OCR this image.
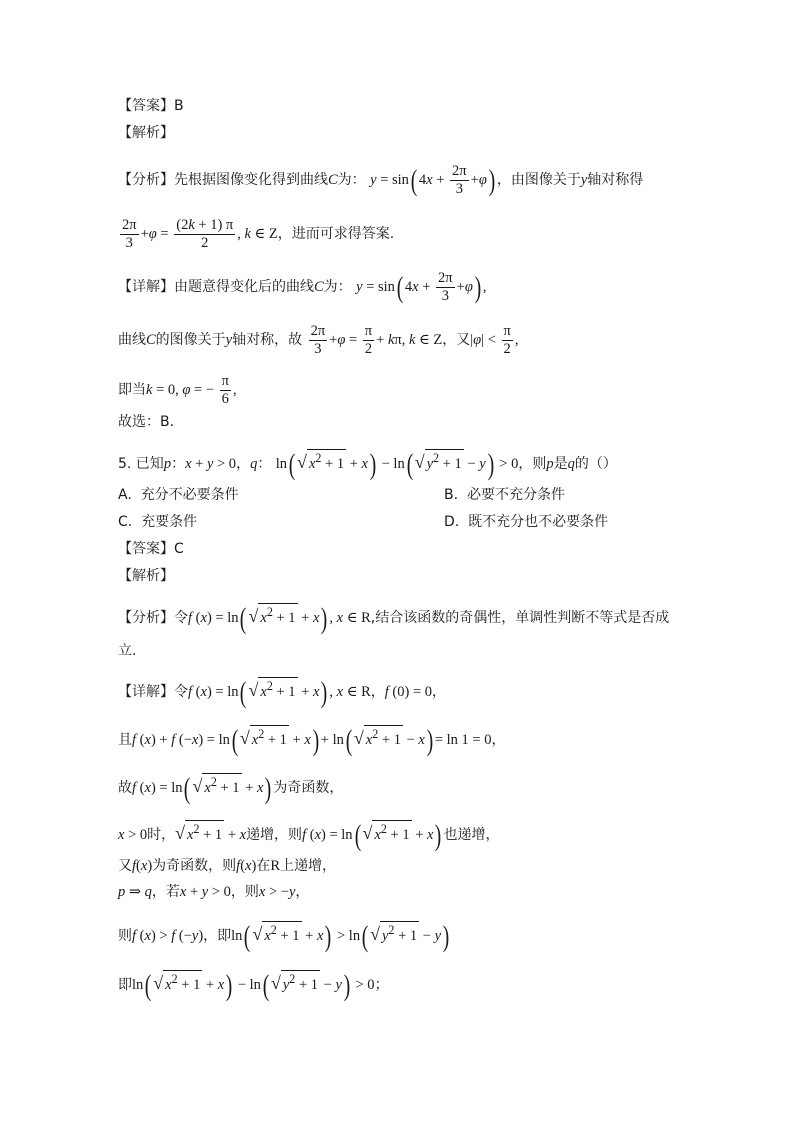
【答案】B
【解析】
【分析】先根据图像变化得到曲线C为： y = sin( $4x + \frac{2\pi}{3} +\varphi$) ，由图像关于y轴对称得
$\frac{2\pi}{3} +\varphi = \frac{(2k + 1) \pi}{2}$ , k ∈ Z，进而可求得答案.
【详解】由题意得变化后的曲线C为： y = sin( $4x + \frac{2\pi}{3} +\varphi$) ,
曲线C的图像关于y轴对称，故 $\frac{2\pi}{3} +\varphi = \frac{\pi}{2} + k\pi$, k ∈ Z，又$|\varphi| < \frac{\pi}{2}$ ,
即当k = 0, φ = − $\frac{\pi}{6}$ ,
故选：B.
5. 已知p：x + y > 0，q： ln(√ $x^2 + 1 + x) - \ln(√$ $y^2 + 1 - y) > 0$，则p是q的（）
A. 充分不必要条件	B. 必要不充分条件
C. 充要条件	D. 既不充分也不必要条件
【答案】C
【解析】
【分析】令f (x) = ln(√ $x^2 + 1 + x$) , x ∈ R,结合该函数的奇偶性，单调性判断不等式是否成
立.
【详解】令f (x) = ln(√ $x^2 + 1 + x$) , x ∈ R，f (0) = 0，
且f (x) + f (−x) = ln(√ $x^2 + 1 + x) + \ln(√$ $x^2 + 1 - x) = \ln 1 = 0$，
故f (x) = ln(√ $x^2 + 1 + x$) 为奇函数，
x > 0时，√ $x^2 + 1 + x$递增，则f (x) = ln(√ $x^2 + 1 + x$) 也递增，
又f(x)为奇函数，则f(x)在R上递增，
p ⇒ q，若x + y > 0，则x > −y，
则f (x) > f (−y)，即ln(√ $x^2 + 1 + x) > \ln(√$ $y^2 + 1 - y$)
即ln(√ $x^2 + 1 + x) - \ln(√$ $y^2 + 1 - y) > 0$；
